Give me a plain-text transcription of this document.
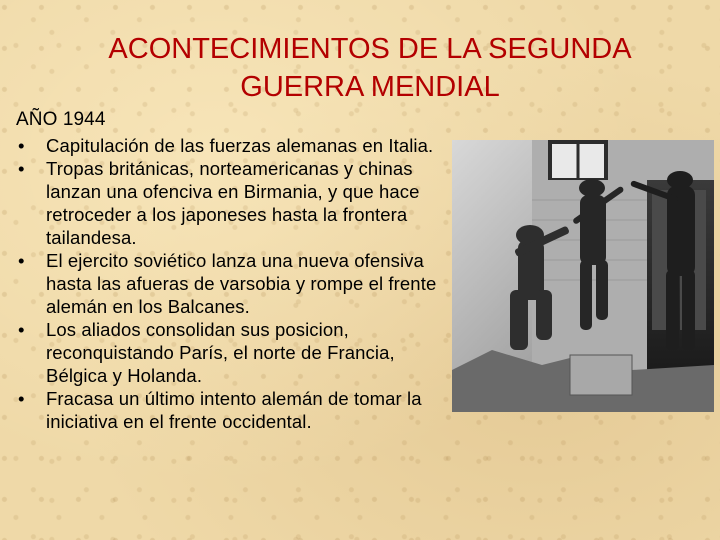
ACONTECIMIENTOS DE LA SEGUNDA
GUERRA MENDIAL
AÑO 1944
• Capitulación de las fuerzas alemanas en Italia.
• Tropas británicas, norteamericanas y chinas lanzan una ofenciva en Birmania, y que hace retroceder a los japoneses hasta la frontera tailandesa.
• El ejercito soviético lanza una nueva ofensiva hasta las afueras de varsobia y rompe el frente alemán en los Balcanes.
• Los aliados consolidan sus posicion, reconquistando París, el norte de Francia, Bélgica y Holanda.
• Fracasa un último intento alemán de tomar la iniciativa en el frente occidental.
